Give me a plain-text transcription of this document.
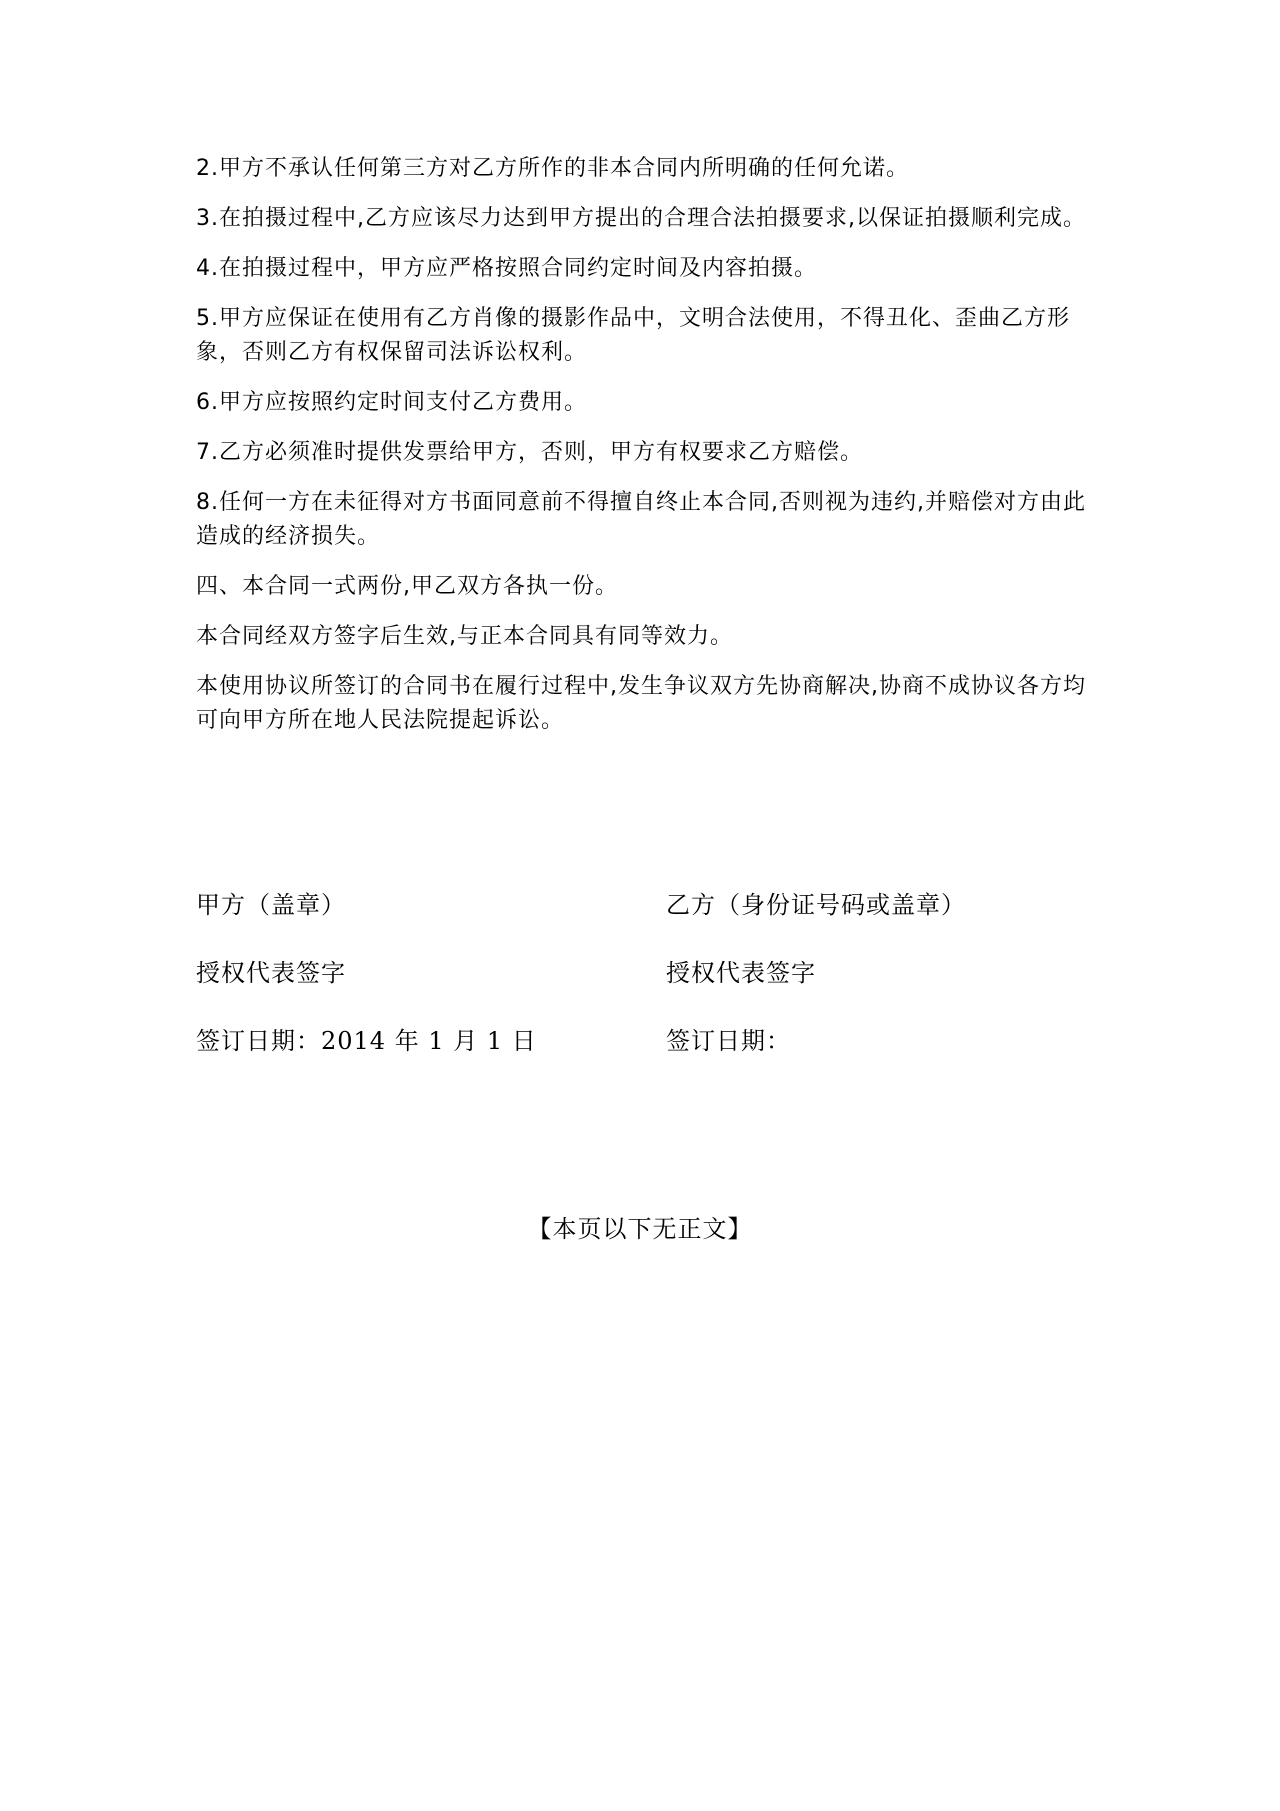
2.甲方不承认任何第三方对乙方所作的非本合同内所明确的任何允诺。

3.在拍摄过程中,乙方应该尽力达到甲方提出的合理合法拍摄要求,以保证拍摄顺利完成。

4.在拍摄过程中，甲方应严格按照合同约定时间及内容拍摄。

5.甲方应保证在使用有乙方肖像的摄影作品中，文明合法使用，不得丑化、歪曲乙方形象，否则乙方有权保留司法诉讼权利。

6.甲方应按照约定时间支付乙方费用。

7.乙方必须准时提供发票给甲方，否则，甲方有权要求乙方赔偿。

8.任何一方在未征得对方书面同意前不得擅自终止本合同,否则视为违约,并赔偿对方由此造成的经济损失。

四、本合同一式两份,甲乙双方各执一份。

本合同经双方签字后生效,与正本合同具有同等效力。

本使用协议所签订的合同书在履行过程中,发生争议双方先协商解决,协商不成协议各方均可向甲方所在地人民法院提起诉讼。

甲方（盖章）	乙方（身份证号码或盖章）
授权代表签字	授权代表签字
签订日期：2014 年 1 月 1 日	签订日期：
【本页以下无正文】
